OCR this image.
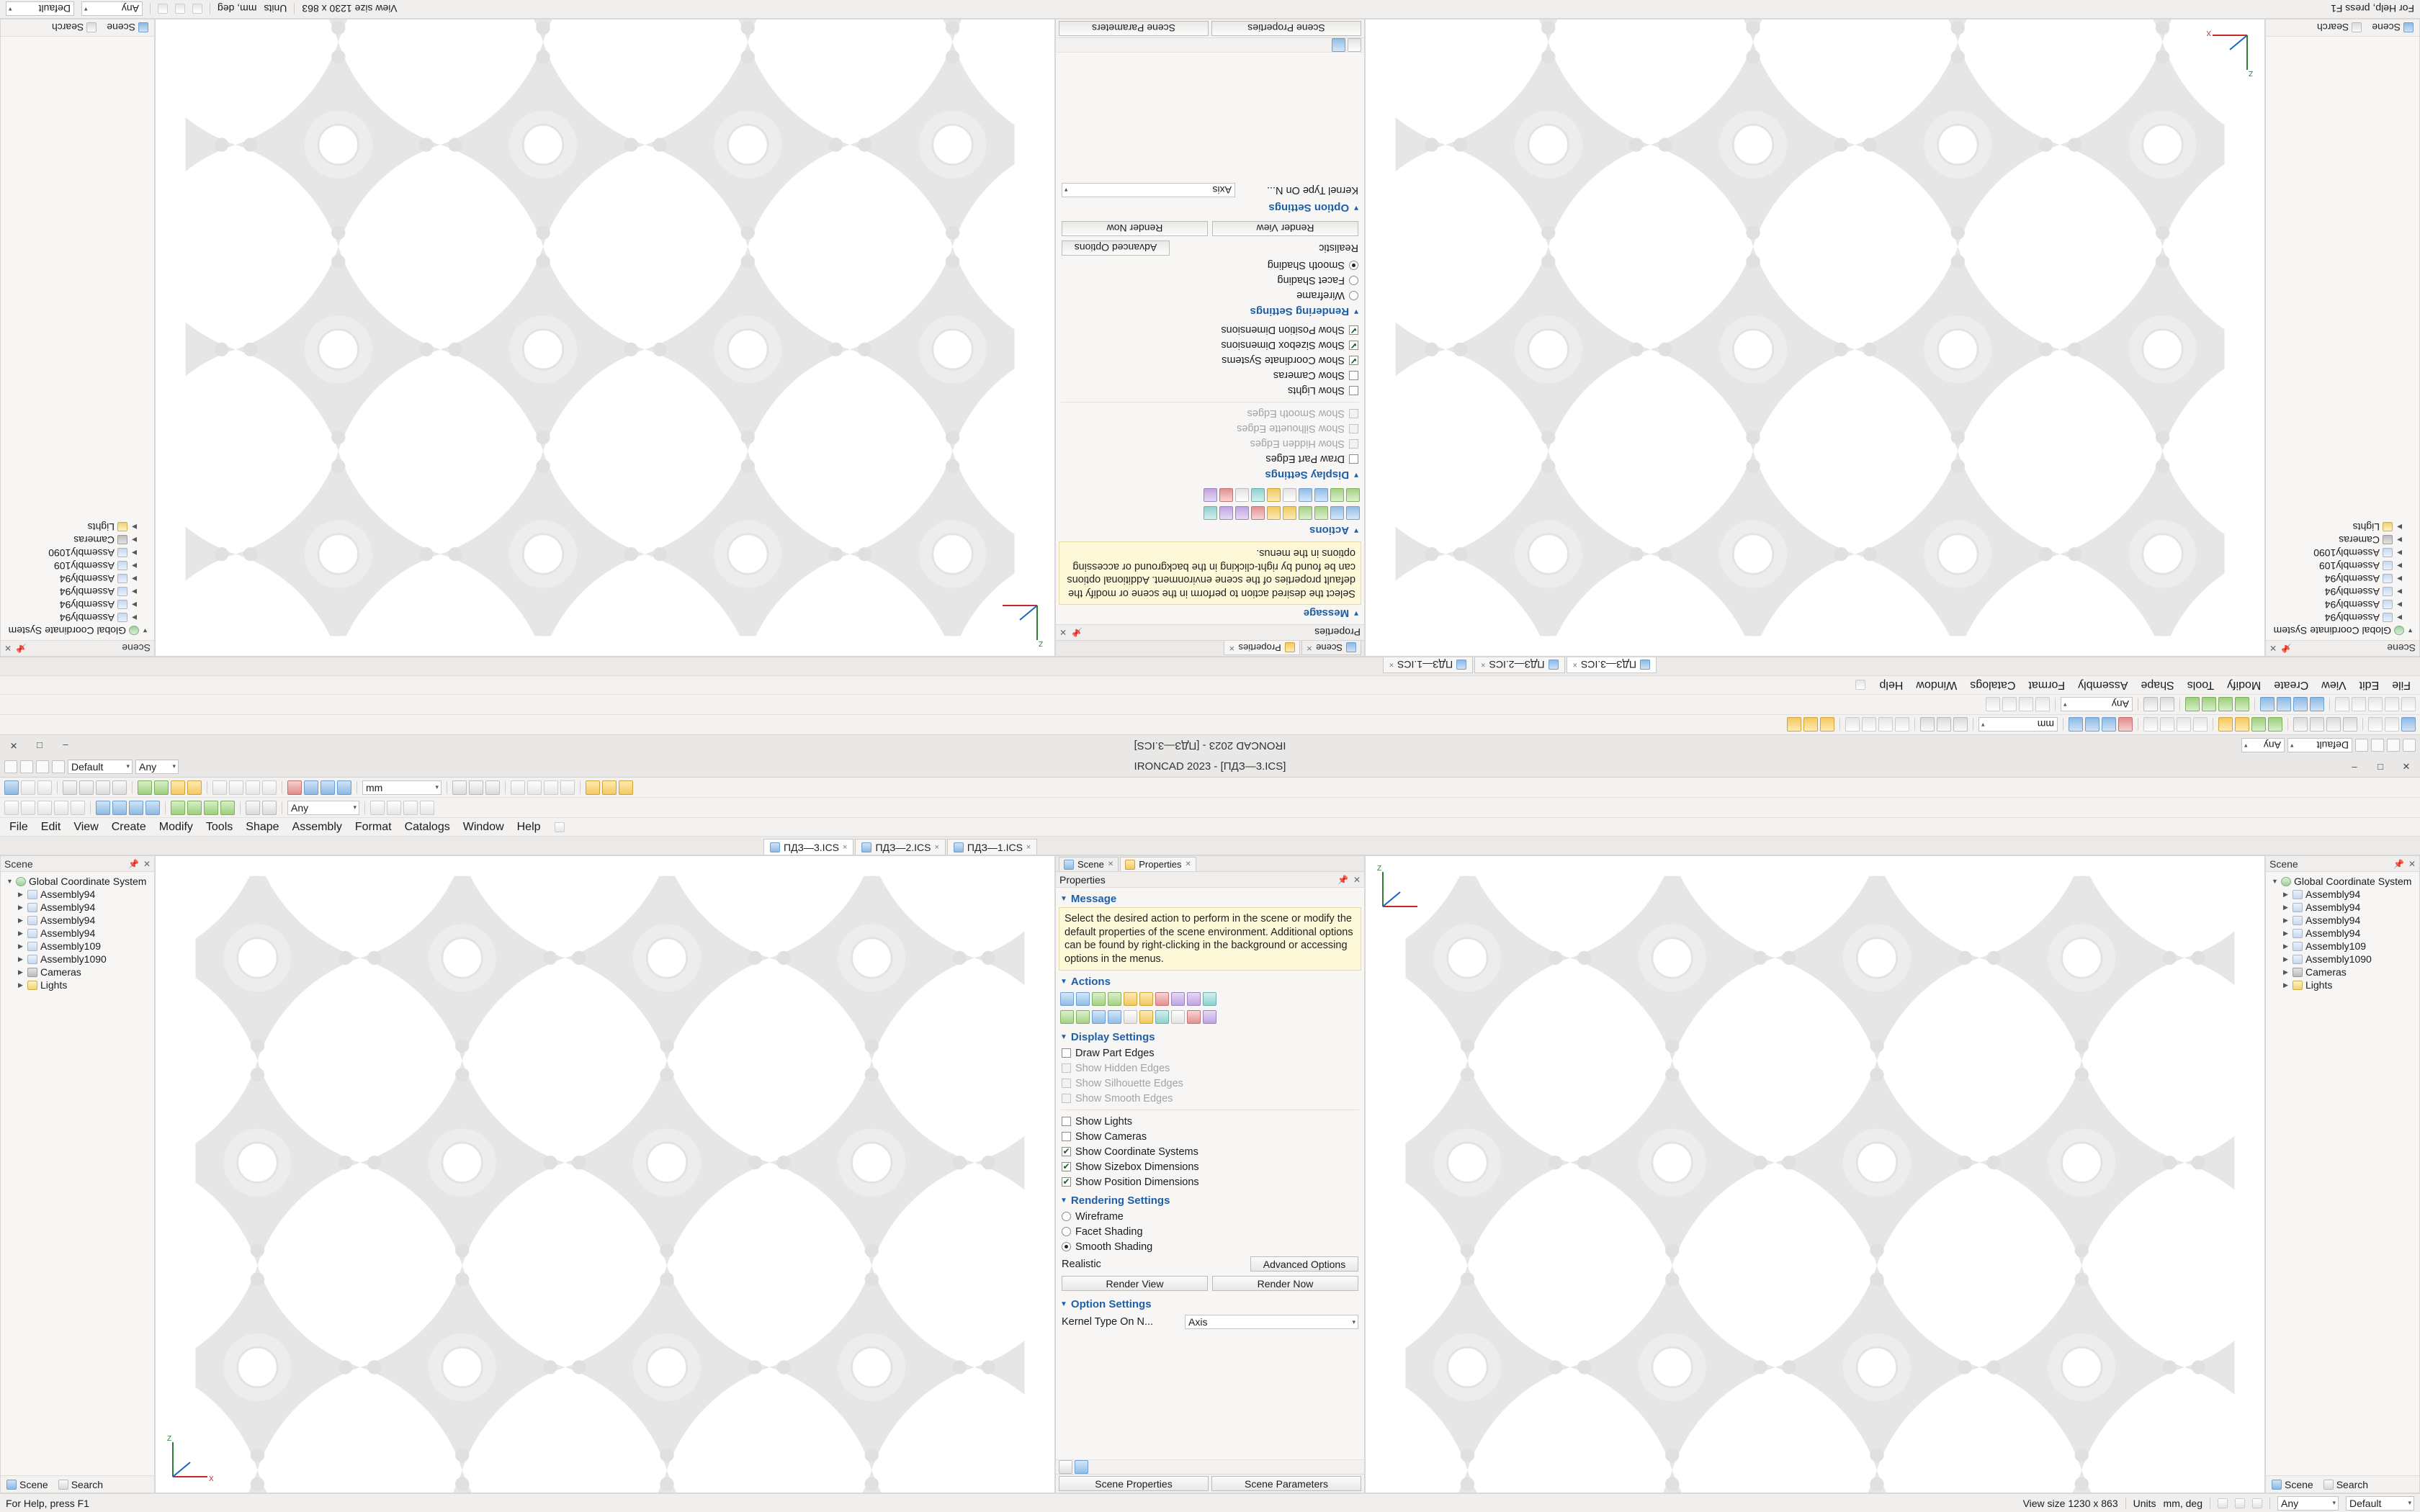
Default ▾
Any ▾
IRONCAD 2023 - [ПДЗ—3.ICS]
–
□
✕
mm ▾
Any ▾
File
Edit
View
Create
Modify
Tools
Shape
Assembly
Format
Catalogs
Window
Help
ПДЗ—3.ICS
×
ПДЗ—2.ICS
×
ПДЗ—1.ICS
×
Scene
📌
✕
▼
Global Coordinate System
▶
Assembly94
▶
Assembly94
▶
Assembly94
▶
Assembly94
▶
Assembly109
▶
Assembly1090
▶
Cameras
▶
Lights
Scene
Search
Z
X
Scene
✕
Properties
✕
Properties
📌
✕
▼
Message
Select the desired action to perform in the scene or modify the default properties of the scene environment. Additional options can be found by right-clicking in the background or accessing options in the menus.
▼
Actions
▼
Display Settings
Draw Part Edges
Show Hidden Edges
Show Silhouette Edges
Show Smooth Edges
Show Lights
Show Cameras
✔
Show Coordinate Systems
✔
Show Sizebox Dimensions
✔
Show Position Dimensions
▼
Rendering Settings
Wireframe
Facet Shading
Smooth Shading
Realistic
Advanced Options
Render View
Render Now
▼
Option Settings
Kernel Type On N...
Axis ▾
Scene Properties
Scene Parameters
Z
Scene
📌
✕
▼
Global Coordinate System
▶
Assembly94
▶
Assembly94
▶
Assembly94
▶
Assembly94
▶
Assembly109
▶
Assembly1090
▶
Cameras
▶
Lights
Scene
Search
For Help, press F1
View size 1230 x 863
Units
mm, deg
Any ▾
Default ▾
Default ▾	Any ▾	IRONCAD 2023 - [ПДЗ—3.ICS]	–	□	✕
mm ▾
Any ▾
File	Edit	View	Create	Modify	Tools	Shape	Assembly	Format	Catalogs	Window	Help
ПДЗ—3.ICS ×	ПДЗ—2.ICS ×	ПДЗ—1.ICS ×
Scene	📌 ✕
▼ Global Coordinate System
▶ Assembly94
▶ Assembly94
▶ Assembly94
▶ Assembly94
▶ Assembly109
▶ Assembly1090
▶ Cameras
▶ Lights
Scene Search
Z
X
Scene ✕	Properties ✕
Properties	📌 ✕
▼ Message
Select the desired action to perform in the scene or modify the default properties of the scene environment. Additional options can be found by right-clicking in the background or accessing options in the menus.
▼ Actions
▼ Display Settings
Draw Part Edges
Show Hidden Edges
Show Silhouette Edges
Show Smooth Edges
Show Lights
Show Cameras
✔
Show Coordinate Systems
✔
Show Sizebox Dimensions
✔
Show Position Dimensions
▼ Rendering Settings
Wireframe
Facet Shading
Smooth Shading
Realistic	Advanced Options
Render View	Render Now
▼ Option Settings
Kernel Type On N...	Axis ▾
Scene Properties	Scene Parameters
Z	Scene	📌 ✕
▼ Global Coordinate System
▶ Assembly94
▶ Assembly94
▶ Assembly94
▶ Assembly94
▶ Assembly109
▶ Assembly1090
▶ Cameras
▶ Lights
Scene Search
For Help, press F1	View size 1230 x 863 Units mm, deg	Any ▾	Default ▾
